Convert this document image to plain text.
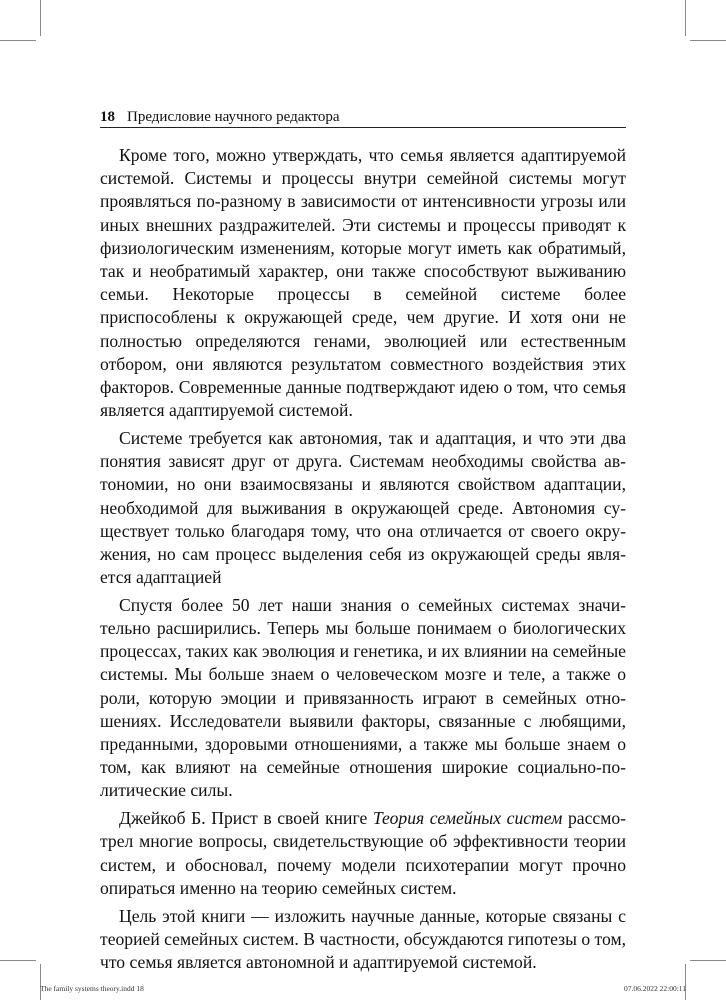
18 Предисловие научного редактора

Кроме того, можно утверждать, что семья является адаптируемой системой. Системы и процессы внутри семейной системы могут проявляться по-разному в зависимости от интенсивности угрозы или иных внешних раздражителей. Эти системы и процессы приводят к физиологическим изменениям, которые могут иметь как обратимый, так и необратимый характер, они также способствуют выживанию семьи. Некоторые процессы в семейной системе более приспособлены к окружающей среде, чем другие. И хотя они не полностью определяются генами, эволюцией или естественным отбором, они являются результатом совместного воздействия этих факторов. Современные данные подтверждают идею о том, что семья является адаптируемой системой.

Системе требуется как автономия, так и адаптация, и что эти два понятия зависят друг от друга. Системам необходимы свойства автономии, но они взаимосвязаны и являются свойством адаптации, необходимой для выживания в окружающей среде. Автономия существует только благодаря тому, что она отличается от своего окружения, но сам процесс выделения себя из окружающей среды является адаптацией

Спустя более 50 лет наши знания о семейных системах значительно расширились. Теперь мы больше понимаем о биологических процессах, таких как эволюция и генетика, и их влиянии на семейные системы. Мы больше знаем о человеческом мозге и теле, а также о роли, которую эмоции и привязанность играют в семейных отношениях. Исследователи выявили факторы, связанные с любящими, преданными, здоровыми отношениями, а также мы больше знаем о том, как влияют на семейные отношения широкие социально-политические силы.

Джейкоб Б. Прист в своей книге Теория семейных систем рассмотрел многие вопросы, свидетельствующие об эффективности теории систем, и обосновал, почему модели психотерапии могут прочно опираться именно на теорию семейных систем.

Цель этой книги — изложить научные данные, которые связаны с теорией семейных систем. В частности, обсуждаются гипотезы о том, что семья является автономной и адаптируемой системой.

The family systems theory.indd 18	07.06.2022 22:00:11
